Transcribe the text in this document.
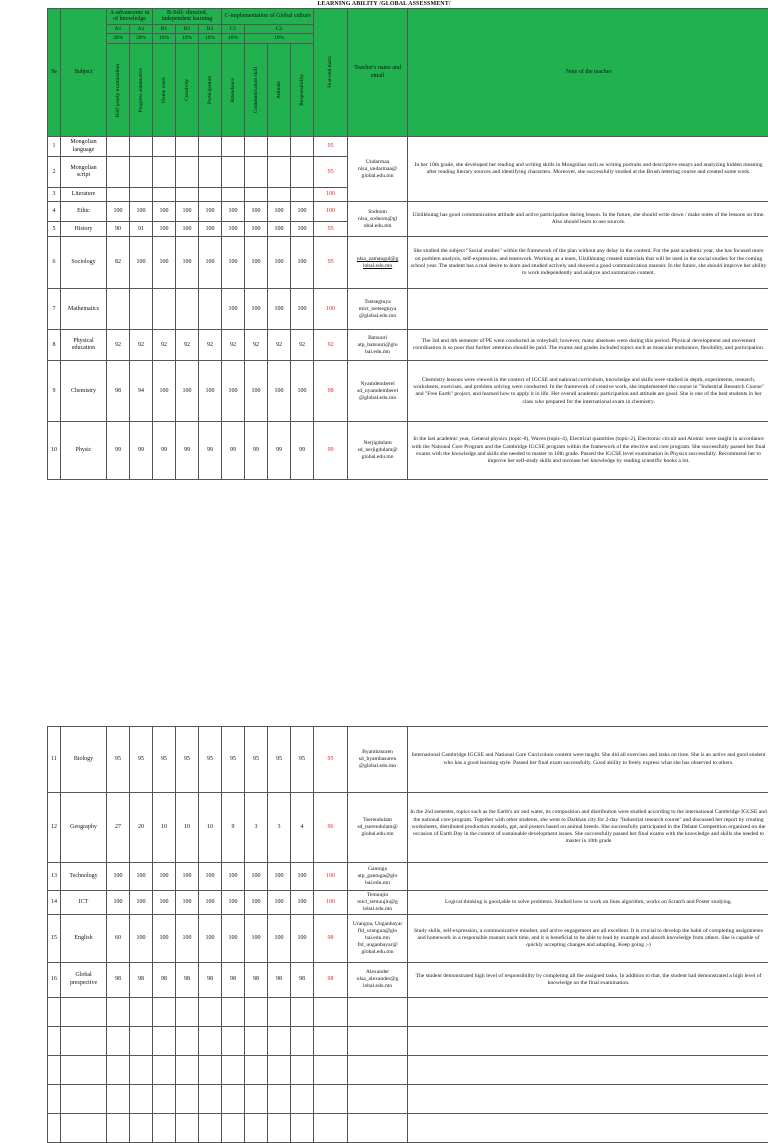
LEARNING ABILITY /GLOBAL ASSESSMENT/
№	Subject	A-advanceme nt of knowledge		B-Self- directed, independent learning			C-implementation of Global culture				Year-end mark	Teacher's name and email	Note of the teacher
		A1	A2	B1	B2	B3	C1	C2					
		30%	20%	10%	10%	10%	10%	10%					

		Half yearly examination	Progress summative	Home work	Creativity	Participation	Attendance	Communication skill	Attitude	Responsibility			

1	Mongolian language										95	Undarmaa nlsa_undarmaa@ global.edu.mn	In her 10th grade, she developed her reading and writing skills in Mongolian such as writing portraits and descriptive essays and analyzing hidden meaning after reading literary sources and identifying characters. Moreover, she successfully studied at the Brush lettering course and created some work.
2	Mongolian script										95		
3	Literature										100		
4	Ethic	100	100	100	100	100	100	100	100	100	100	Sodnom nlsa_sodnom@gl obal.edu.mn	Ulziikhutag has good communication attitude and active participation during lesson. In the future, she should write down / make notes of the lessons on time. Also should learn to use sources.
5	History	90	91	100	100	100	100	100	100	100	95		
6	Sociology	82	100	100	100	100	100	100	100	100	95	nlsa_zamangul@g lobal.edu.mn	She studied the subject "Social studies" within the framework of the plan without any delay in the content. For the past academic year, she has focused more on porblem analysis, self-expression, and teamwork. Working as a team, Ulziikhutag created materials that will be used in the social studies for the coming school year. The student has a real desire to learn and studied actively and showed a good communication manner. In the future, she should improve her ability to work independently and analyze and summarize content.
7	Mathematics						100	100	100	100	100	Tsetsegtuya mict_tsetsegtuya @global.edu.mn	
8	Physical education	92	92	92	92	92	92	92	92	92	92	Batsuuri atp_batsuuri@glo bal.edu.mn	The 3rd and 4th semester of PE were conducted as voleyball; however, many absenses were during this period. Physical development and movement coordination is so poor that further attention should be paid. The exams and grades included topics such as muscular endurance, flexibility, and participation.
9	Chemistry	98	94	100	100	100	100	100	100	100	98	Nyamdemberel sd_nyamdemberel @global.edu.mn	Chemistry lessons were viewed in the context of IGCSE and national curriculum, knowledge and skills were studied in depth, experiments, research, worksheets, exercises, and problem solving were conducted. In the framework of creative work, she implemented the course in "Industrial Research Course" and "Free Earth" project, and learned how to apply it in life. Her overall academic participation and attitude are good. She is one of the best students in her class who prepared for the international exam in chemistry.
10	Physic	99	99	99	99	99	99	99	99	99	99	Nerjigdulam sd_nerjigdulam@ global.edu.mn	In the last academic year, General physics (topic-8), Waves (topic-4), Electrical quantities (topic-2), Electronic circuit and Atomic were taught in accordance with the National Core Program and the Cambridge IGCSE program within the framework of the elective and core program. She successfully passed her final exams with the knowledge and skills she needed to master in 10th grade. Passed the IGCSE level examination in Physics successfully. Recommend her to improve her self-study skills and increase her knowledge by reading scientific books a lot.
11	Biology	95	95	95	95	95	95	95	95	95	95	Byambasuren sd_byambasuren @global.edu.mn	International Cambridge IGCSE and National Core Curriculum content were taught. She did all exercises and tasks on time. She is an active and good student who has a good learning style. Passed her final exam successfully. Good ability to freely express what she has observed to others.
12	Geography	27	20	10	10	10	9	3	3	4	96	Tserendulam sd_tserendulam@ global.edu.mn	In the 2nd semester, topics such as the Earth's air and water, its composition and distribution were studied according to the international Cambridge IGCSE and the national core program. Together with other students, she went to Darkhan city for 2-day "Industrial research course" and discussed her report by creating worksheets, distributed production models, ppt, and posters based on animal breeds. She successfully participated in the Debate Competition organized on the occasion of Earth Day in the context of sustainable development issues. She successfully passed her final exams with the knowledge and skills she needed to master in 10th grade
13	Technology	100	100	100	100	100	100	100	100	100	100	Gantuga atp_gantuga@glo bal.edu.mn	
14	ICT	100	100	100	100	100	100	100	100	100	100	Temuujin mict_temuujin@g lobal.edu.mn	Logical thinking is good,able to solve problems. Studied how to work on lines algorithm, works on Scratch and Poster studying.
15	English	60	100	100	100	100	100	100	100	100	98	Urangoa, Uuganbayar fld_urangua@glo bal.edu.mn fld_uuganbayar@ global.edu.mn	Study skills, self-expression, a communicative mindset, and active engagement are all excellent. It is crucial to develop the habit of completing assignments and homework in a responsible manner each time, and it is beneficial to be able to lead by example and absorb knowledge from others. She is capable of quickly accepting changes and adapting. Keep going ;-)
16	Global prespective	98	98	98	98	98	98	98	98	98	98	Alexander nlsa_alexander@g lobal.edu.mn	The student demonstrated high level of responsibility by completing all the assigned tasks. In addition to that, the student had demonstrated a high level of knowledge on the final examination.
